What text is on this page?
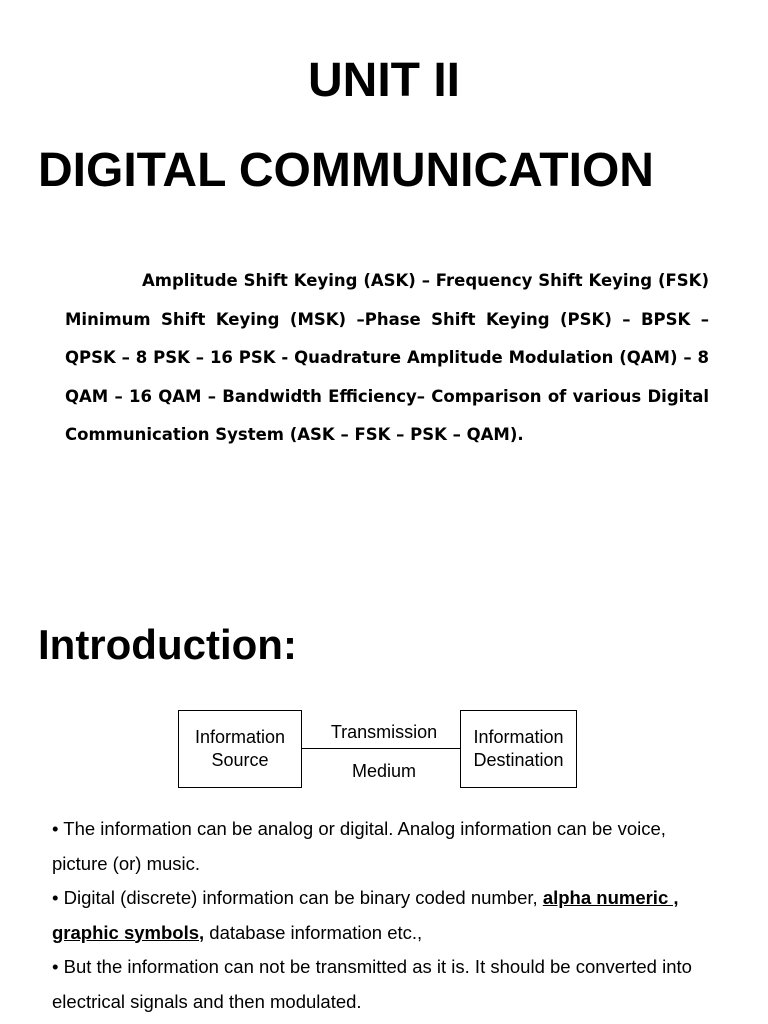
UNIT II
DIGITAL COMMUNICATION

Amplitude Shift Keying (ASK) – Frequency Shift Keying (FSK) Minimum Shift Keying (MSK) –Phase Shift Keying (PSK) – BPSK – QPSK – 8 PSK – 16 PSK - Quadrature Amplitude Modulation (QAM) – 8 QAM – 16 QAM – Bandwidth Efficiency– Comparison of various Digital Communication System (ASK – FSK – PSK – QAM).

Introduction:
Information
Source
Transmission
Medium
Information
Destination

• The information can be analog or digital. Analog information can be voice, picture (or) music.

• Digital (discrete) information can be binary coded number, alpha numeric , graphic symbols, database information etc.,

• But the information can not be transmitted as it is. It should be converted into electrical signals and then modulated.
